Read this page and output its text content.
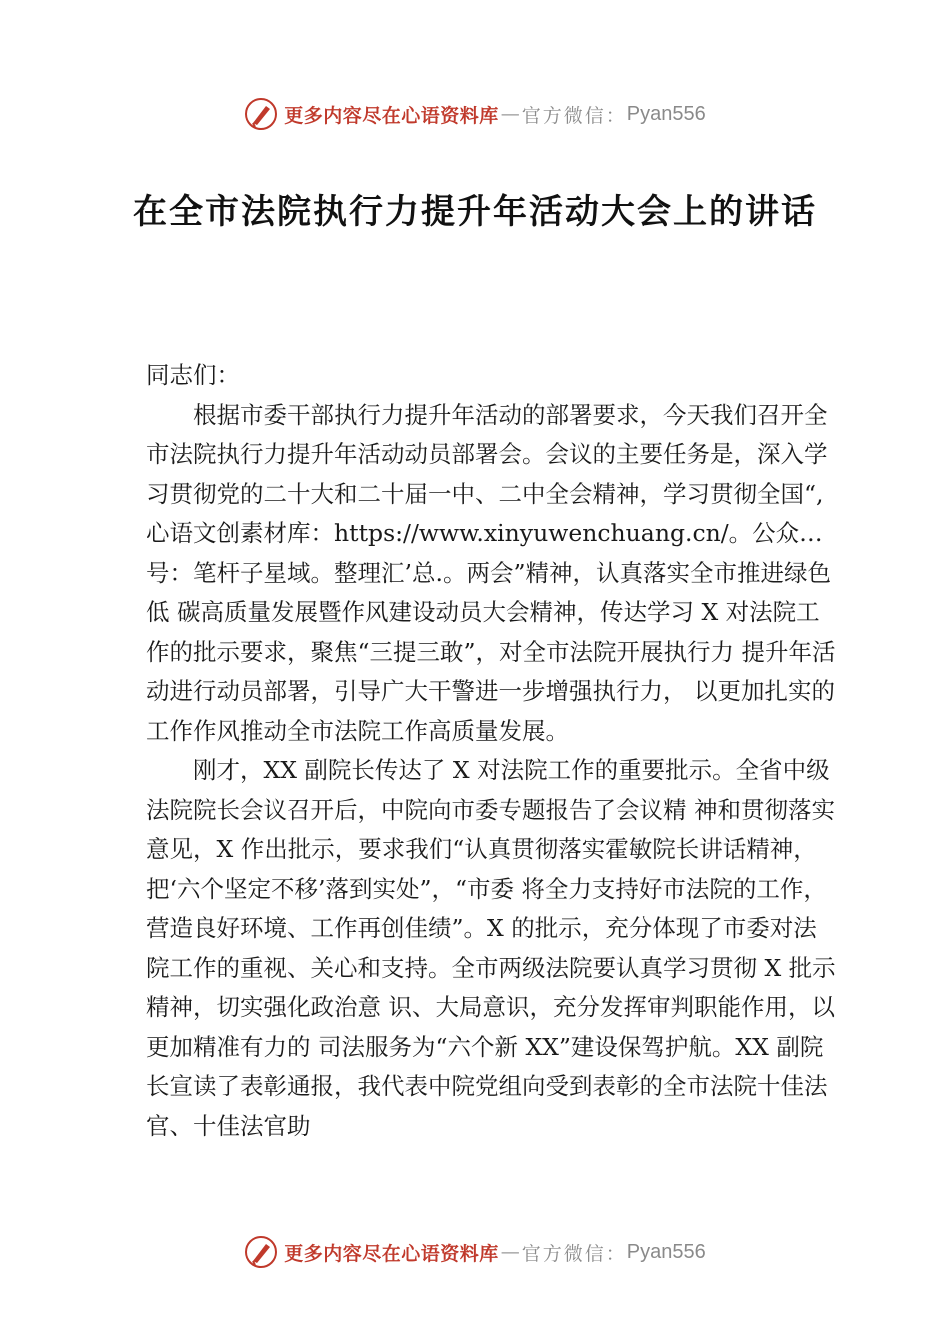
更多内容尽在心语资料库 — 官方微信： Pyan556
在全市法院执行力提升年活动大会上的讲话

同志们：

根据市委干部执行力提升年活动的部署要求，今天我们召开全市法院执行力提升年活动动员部署会。会议的主要任务是，深入学习贯彻党的二十大和二十届一中、二中全会精神，学习贯彻全国“, 心语文创素材库：https://www.xinyuwenchuang.cn/。公众…号：笔杆子星域。整理汇’总.。两会”精神，认真落实全市推进绿色低 碳高质量发展暨作风建设动员大会精神，传达学习 X 对法院工作的批示要求，聚焦“三提三敢”，对全市法院开展执行力 提升年活动进行动员部署，引导广大干警进一步增强执行力， 以更加扎实的工作作风推动全市法院工作高质量发展。

刚才，XX 副院长传达了 X 对法院工作的重要批示。全省中级法院院长会议召开后，中院向市委专题报告了会议精 神和贯彻落实意见，X 作出批示，要求我们“认真贯彻落实霍敏院长讲话精神，把‘六个坚定不移’落到实处”，“市委 将全力支持好市法院的工作，营造良好环境、工作再创佳绩”。X 的批示，充分体现了市委对法院工作的重视、关心和支持。全市两级法院要认真学习贯彻 X 批示精神，切实强化政治意 识、大局意识，充分发挥审判职能作用，以更加精准有力的 司法服务为“六个新 XX”建设保驾护航。XX 副院长宣读了表彰通报，我代表中院党组向受到表彰的全市法院十佳法官、十佳法官助

更多内容尽在心语资料库 — 官方微信： Pyan556
